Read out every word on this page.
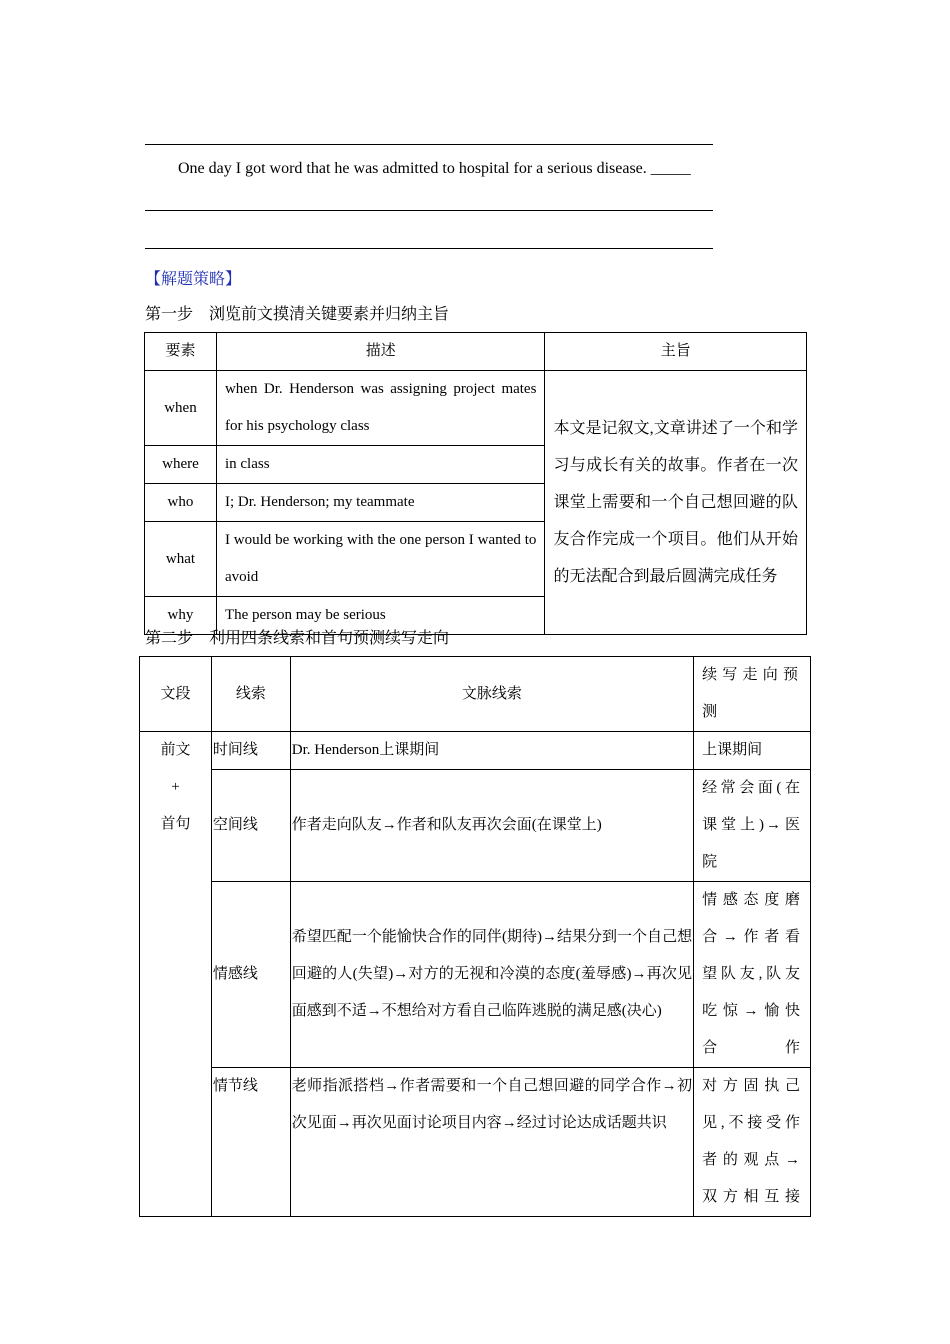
One day I got word that he was admitted to hospital for a serious disease. _____
【解题策略】
第一步　浏览前文摸清关键要素并归纳主旨
要素	描述	主旨
when	when Dr. Henderson was assigning project mates for his psychology class	本文是记叙文,文章讲述了一个和学习与成长有关的故事。作者在一次课堂上需要和一个自己想回避的队友合作完成一个项目。他们从开始的无法配合到最后圆满完成任务
where	in class	
who	I; Dr. Henderson; my teammate	
what	I would be working with the one person I wanted to avoid	
why	The person may be serious	
第二步　利用四条线索和首句预测续写走向
文段	线索	文脉线索	续写走向预测

前文
+
首句	时间线	Dr. Henderson上课期间	上课期间
	空间线	作者走向队友→作者和队友再次会面(在课堂上)	经常会面(在课堂上)→医院
	情感线	希望匹配一个能愉快合作的同伴(期待)→结果分到一个自己想回避的人(失望)→对方的无视和冷漠的态度(羞辱感)→再次见面感到不适→不想给对方看自己临阵逃脱的满足感(决心)	情感态度磨合→作者看望队友,队友吃惊→愉快合作
	情节线	老师指派搭档→作者需要和一个自己想回避的同学合作→初次见面→再次见面讨论项目内容→经过讨论达成话题共识	对方固执己见,不接受作者的观点→双方相互接
